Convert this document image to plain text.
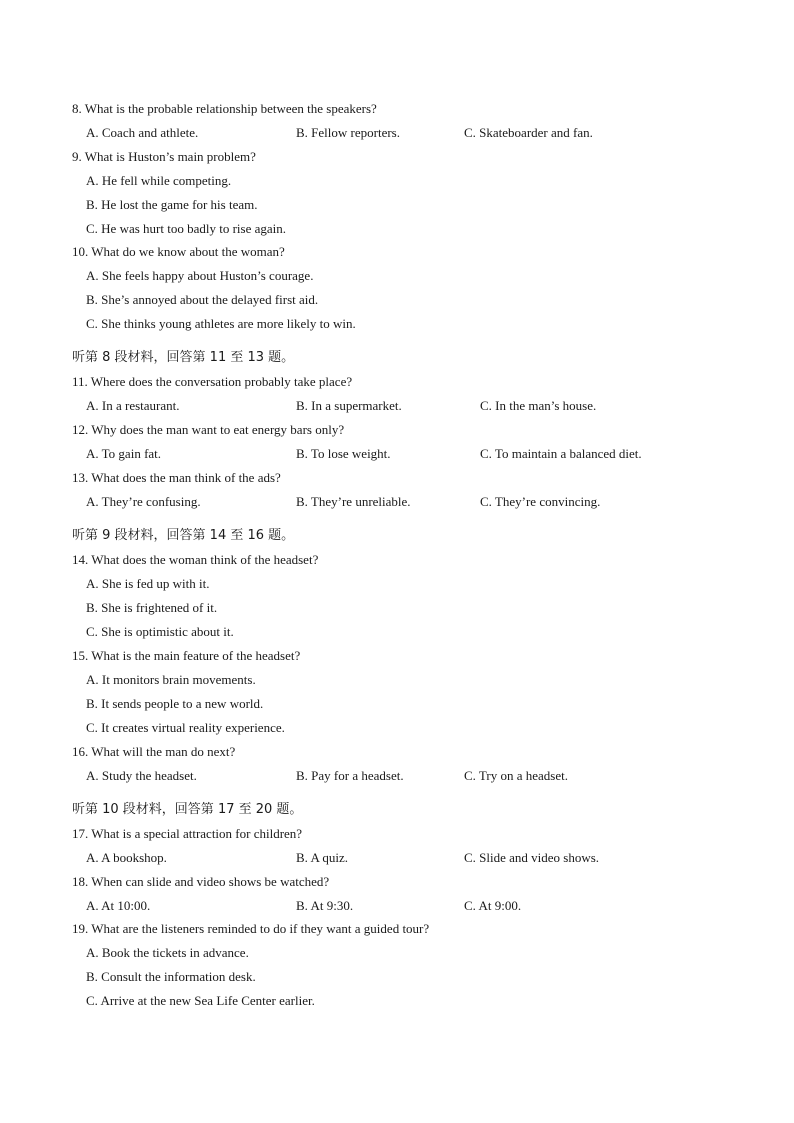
8. What is the probable relationship between the speakers?
A. Coach and athlete.	B. Fellow reporters.	C. Skateboarder and fan.
9. What is Huston’s main problem?
A. He fell while competing.
B. He lost the game for his team.
C. He was hurt too badly to rise again.
10. What do we know about the woman?
A. She feels happy about Huston’s courage.
B. She’s annoyed about the delayed first aid.
C. She thinks young athletes are more likely to win.
听第 8 段材料，回答第 11 至 13 题。
11. Where does the conversation probably take place?
A. In a restaurant.	B. In a supermarket.	C. In the man’s house.
12. Why does the man want to eat energy bars only?
A. To gain fat.	B. To lose weight.	C. To maintain a balanced diet.
13. What does the man think of the ads?
A. They’re confusing.	B. They’re unreliable.	C. They’re convincing.
听第 9 段材料，回答第 14 至 16 题。
14. What does the woman think of the headset?
A. She is fed up with it.
B. She is frightened of it.
C. She is optimistic about it.
15. What is the main feature of the headset?
A. It monitors brain movements.
B. It sends people to a new world.
C. It creates virtual reality experience.
16. What will the man do next?
A. Study the headset.	B. Pay for a headset.	C. Try on a headset.
听第 10 段材料，回答第 17 至 20 题。
17. What is a special attraction for children?
A. A bookshop.	B. A quiz.	C. Slide and video shows.
18. When can slide and video shows be watched?
A. At 10:00.	B. At 9:30.	C. At 9:00.
19. What are the listeners reminded to do if they want a guided tour?
A. Book the tickets in advance.
B. Consult the information desk.
C. Arrive at the new Sea Life Center earlier.
